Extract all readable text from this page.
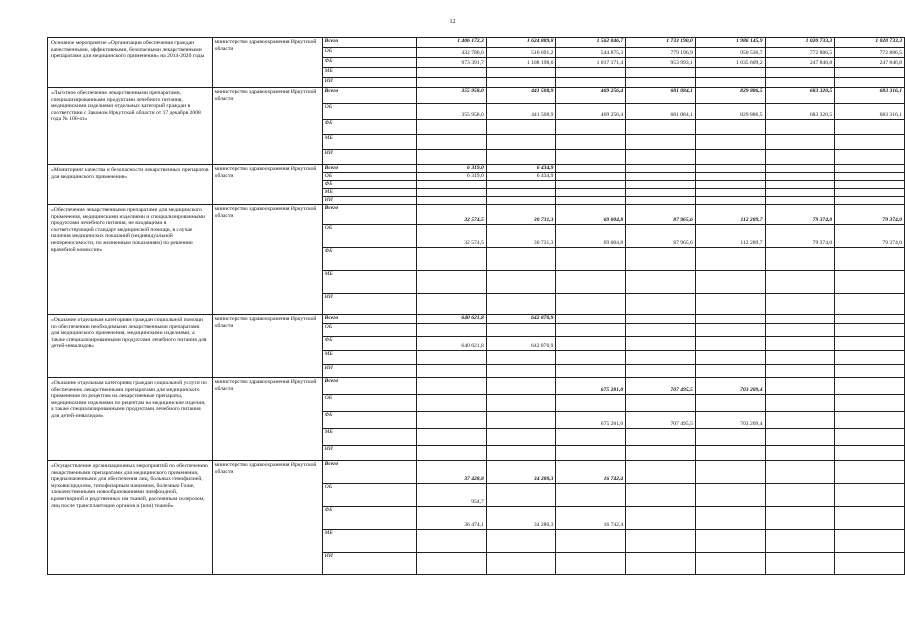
12
Основное мероприятие «Организация обеспечения граждан качественными, эффективными, безопасными лекарственными препаратами для медицинского применения» на 2014-2020 годы	министерство здравоохранения Иркутской области	Всего	1 406 172,3	1 624 889,8	1 562 046,7	1 733 190,0	1 986 145,9	1 020 733,3	1 020 733,3
		ОБ	432 780,6	516 691,2	544 875,3	779 196,9	950 536,7	772 886,5	772 886,5
		ФБ	973 391,7	1 108 198,6	1 017 171,4	953 993,1	1 035 609,2	247 846,8	247 846,8
		МБ							
		ИИ							
«Льготное обеспечение лекарственными препаратами, специализированными продуктами лечебного питания, медицинскими изделиями отдельных категорий граждан в соответствии с Законом Иркутской области от 17 декабря 2008 года № 106-оз»	министерство здравоохранения Иркутской области	Всего	355 958,0	441 508,9	469 256,4	681 084,1	829 886,5	683 320,5	683 316,1
		ОБ	355 958,0	441 508,9	469 256,4	681 084,1	829 886,5	683 320,5	683 316,1
		ФБ							
		МБ							
		ИИ							
«Мониторинг качества и безопасности лекарственных препаратов для медицинского применения»	министерство здравоохранения Иркутской области	Всего	6 319,0	6 434,9					
		ОБ	6 319,0	6 434,9					
		ФБ							
		МБ							
		ИИ							
«Обеспечение лекарственными препаратами для медицинского применения, медицинскими изделиями и специализированными продуктами лечебного питания, не входящими в соответствующий стандарт медицинской помощи, в случае наличия медицинских показаний (индивидуальной непереносимости, по жизненным показаниям) по решению врачебной комиссии»	министерство здравоохранения Иркутской области	Всего	32 574,5	30 731,3	69 004,8	87 965,6	112 289,7	79 374,0	79 374,0
		ОБ	32 574,5	30 731,3	69 004,8	87 965,6	112 289,7	79 374,0	79 374,0
		ФБ							
		МБ							
		ИИ							
«Оказание отдельным категориям граждан социальной помощи по обеспечению необходимыми лекарственными препаратами для медицинского применения, медицинскими изделиями, а также специализированными продуктами лечебного питания для детей-инвалидов»	министерство здравоохранения Иркутской области	Всего	640 621,8	642 870,9					
		ОБ							
		ФБ	640 621,8	642 870,9					
		МБ							
		ИИ							
«Оказание отдельным категориям граждан социальной услуги по обеспечению лекарственными препаратами для медицинского применения по рецептам на лекарственные препараты, медицинскими изделиями по рецептам на медицинские изделия, а также специализированными продуктами лечебного питания для детей-инвалидов»	министерство здравоохранения Иркутской области	Всего			675 281,0	707 495,5	703 209,4		
		ОБ							
		ФБ			675 281,0	707 495,5	703 209,4		
		МБ							
		ИИ							
«Осуществление организационных мероприятий по обеспечению лекарственными препаратами для медицинского применения, предназначенными для обеспечения лиц, больных гемофилией, муковисцидозом, гипофизарным нанизмом, болезнью Гоше, злокачественными новообразованиями лимфоидной, кроветворной и родственных им тканей, рассеянным склерозом, лиц после трансплантации органов и (или) тканей»	министерство здравоохранения Иркутской области	Всего	37 428,8	34 280,3	16 742,4				
		ОБ	954,7						
		ФБ	36 474,1	34 280,3	16 742,4				
		МБ							
		ИИ							
